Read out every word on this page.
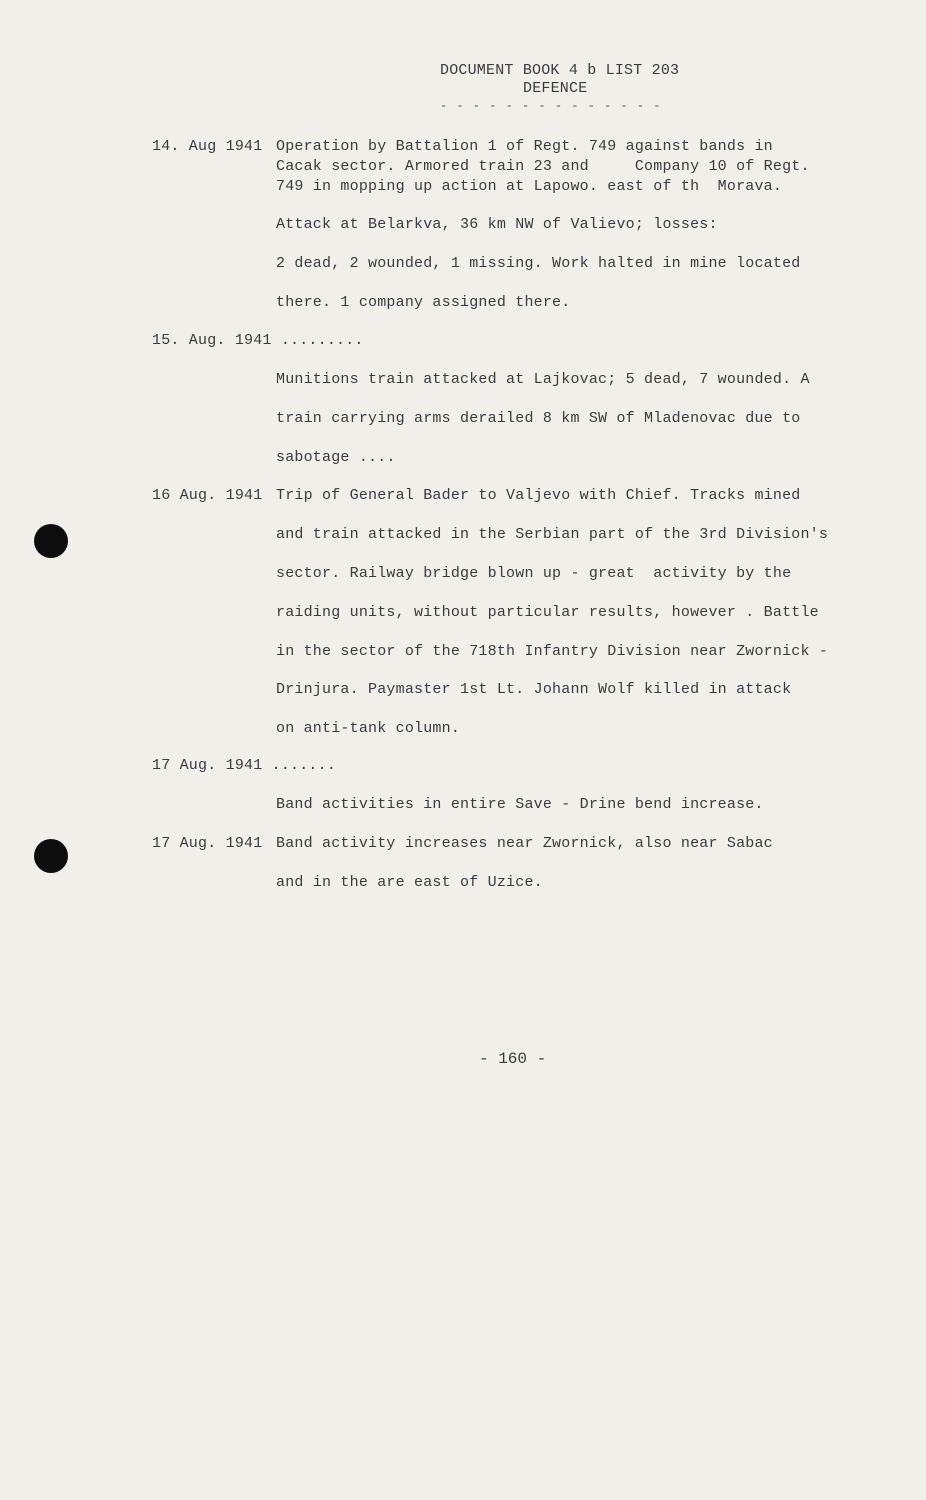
DOCUMENT BOOK 4 b LIST 203
DEFENCE
- - - - - - - - - - - - - -
14. Aug 1941 Operation by Battalion 1 of Regt. 749 against bands in
Cacak sector. Armored train 23 and     Company 10 of Regt.
749 in mopping up action at Lapowo. east of th  Morava.
Attack at Belarkva, 36 km NW of Valievo; losses:
2 dead, 2 wounded, 1 missing. Work halted in mine located
there. 1 company assigned there.
15. Aug. 1941 .........
Munitions train attacked at Lajkovac; 5 dead, 7 wounded. A
train carrying arms derailed 8 km SW of Mladenovac due to
sabotage ....
16 Aug. 1941 Trip of General Bader to Valjevo with Chief. Tracks mined
and train attacked in the Serbian part of the 3rd Division's
sector. Railway bridge blown up - great  activity by the
raiding units, without particular results, however . Battle
in the sector of the 718th Infantry Division near Zwornick -
Drinjura. Paymaster 1st Lt. Johann Wolf killed in attack
on anti-tank column.
17 Aug. 1941 .......
Band activities in entire Save - Drine bend increase.
17 Aug. 1941 Band activity increases near Zwornick, also near Sabac
and in the are east of Uzice.
- 160 -
